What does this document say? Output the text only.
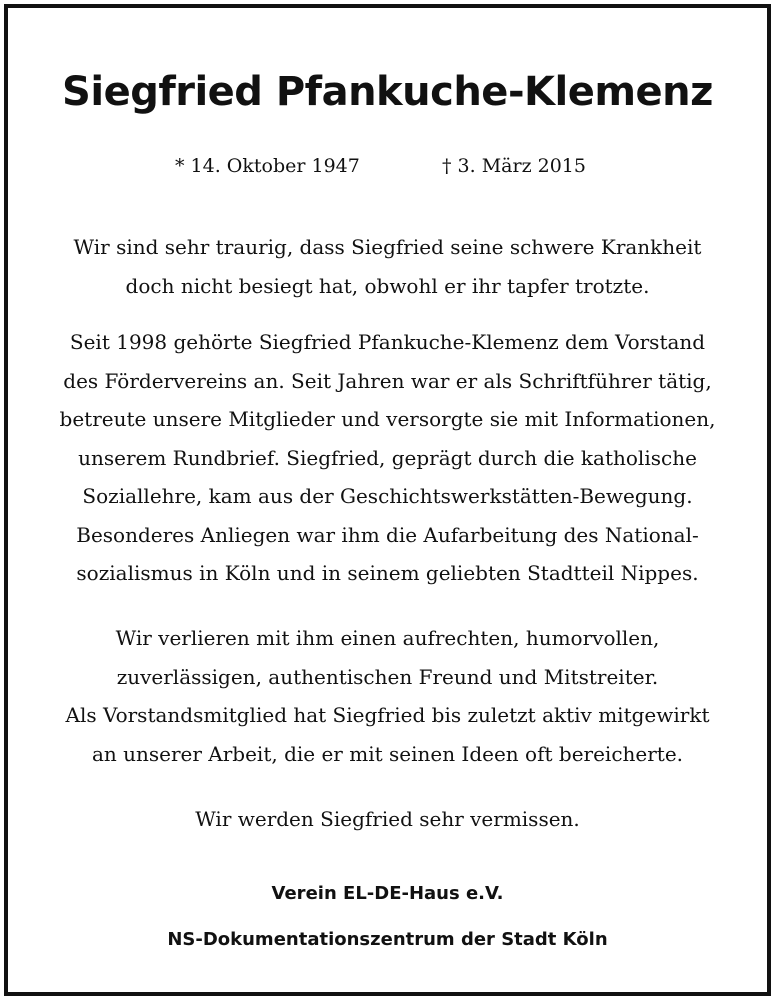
Siegfried Pfankuche-Klemenz
* 14. Oktober 1947	† 3. März 2015
Wir sind sehr traurig, dass Siegfried seine schwere Krankheit
doch nicht besiegt hat, obwohl er ihr tapfer trotzte.
Seit 1998 gehörte Siegfried Pfankuche-Klemenz dem Vorstand
des Fördervereins an. Seit Jahren war er als Schriftführer tätig,
betreute unsere Mitglieder und versorgte sie mit Informationen,
unserem Rundbrief. Siegfried, geprägt durch die katholische
Soziallehre, kam aus der Geschichtswerkstätten-Bewegung.
Besonderes Anliegen war ihm die Aufarbeitung des National-
sozialismus in Köln und in seinem geliebten Stadtteil Nippes.
Wir verlieren mit ihm einen aufrechten, humorvollen,
zuverlässigen, authentischen Freund und Mitstreiter.
Als Vorstandsmitglied hat Siegfried bis zuletzt aktiv mitgewirkt
an unserer Arbeit, die er mit seinen Ideen oft bereicherte.
Wir werden Siegfried sehr vermissen.
Verein EL-DE-Haus e.V.
NS-Dokumentationszentrum der Stadt Köln
